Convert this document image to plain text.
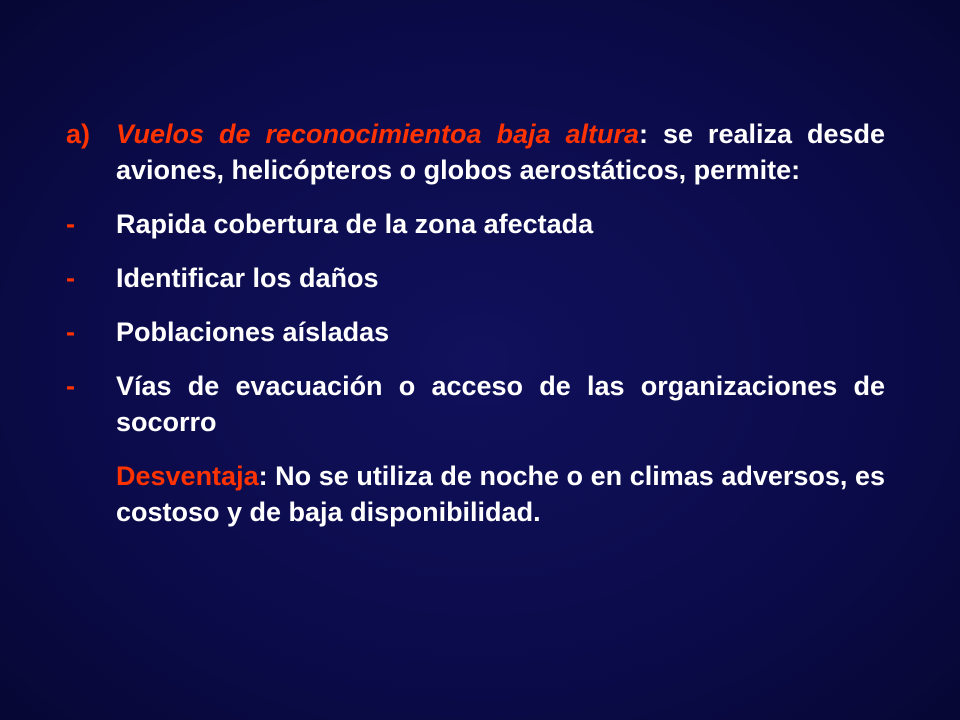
a) Vuelos de reconocimientoa baja altura: se realiza desde aviones, helicópteros o globos aerostáticos, permite:
-	Rapida cobertura de la zona afectada
-	Identificar los daños
-	Poblaciones aísladas
-	Vías de evacuación o acceso de las organizaciones de socorro

Desventaja: No se utiliza de noche o en climas adversos, es costoso y de baja disponibilidad.
